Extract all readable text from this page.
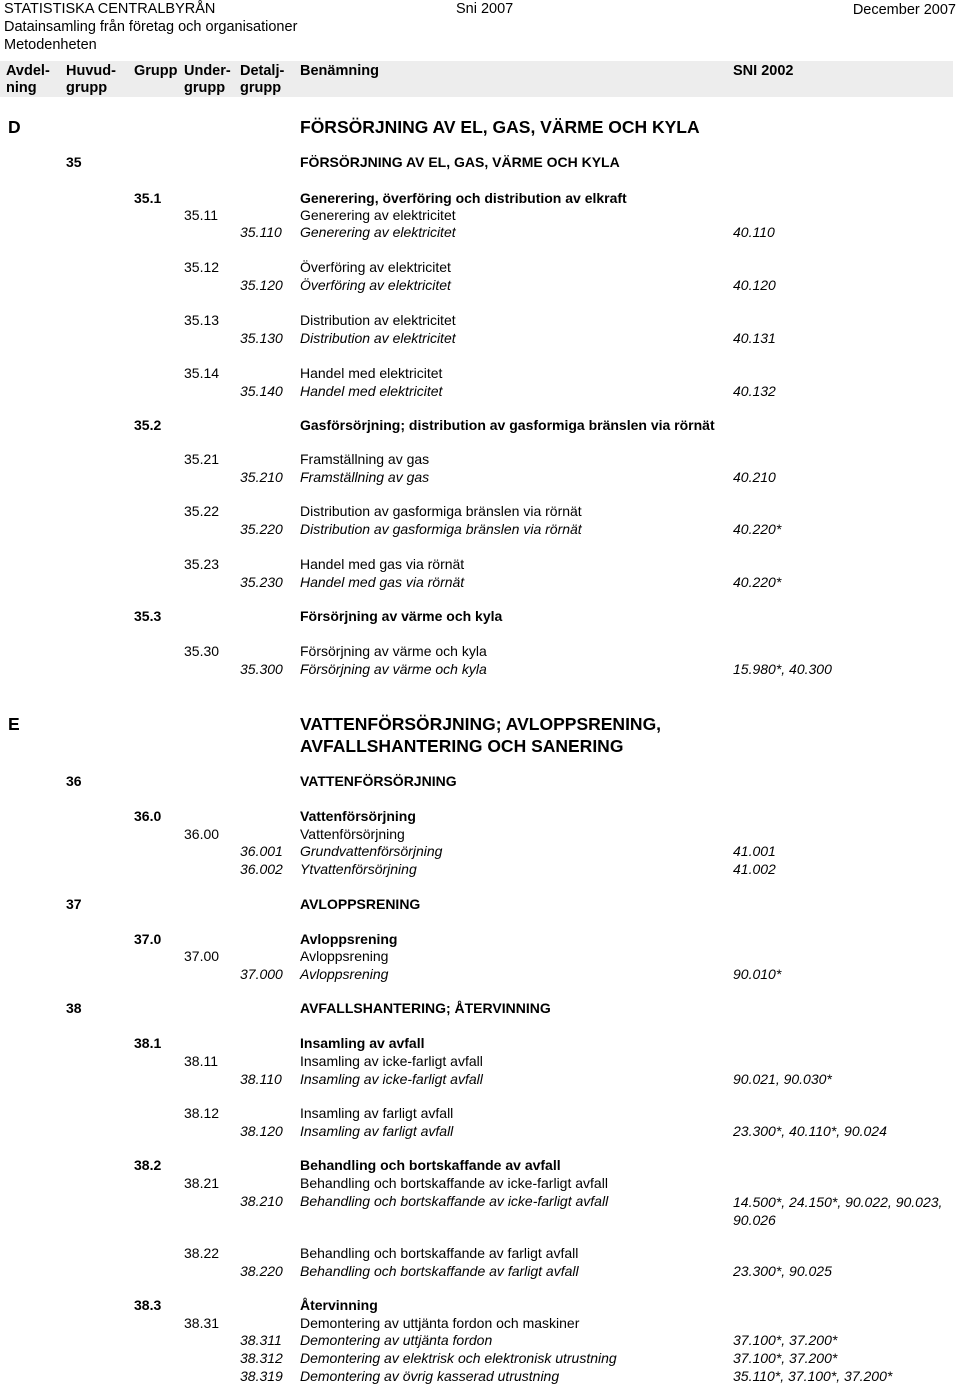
STATISTISKA CENTRALBYRÅN
Datainsamling från företag och organisationer
Metodenheten
Sni 2007	December 2007
Avdel-
ning
Huvud-
grupp
Grupp Under-
grupp
Detalj-
grupp
Benämning	SNI 2002
D	FÖRSÖRJNING AV EL, GAS, VÄRME OCH KYLA
35	FÖRSÖRJNING AV EL, GAS, VÄRME OCH KYLA
35.1	Generering, överföring och distribution av elkraft
35.11	Generering av elektricitet
35.110 Generering av elektricitet	40.110
35.12	Överföring av elektricitet
35.120 Överföring av elektricitet	40.120
35.13	Distribution av elektricitet
35.130 Distribution av elektricitet	40.131
35.14	Handel med elektricitet
35.140 Handel med elektricitet	40.132
35.2	Gasförsörjning; distribution av gasformiga bränslen via rörnät
35.21	Framställning av gas
35.210 Framställning av gas	40.210
35.22	Distribution av gasformiga bränslen via rörnät
35.220 Distribution av gasformiga bränslen via rörnät	40.220*
35.23	Handel med gas via rörnät
35.230 Handel med gas via rörnät	40.220*
35.3	Försörjning av värme och kyla
35.30	Försörjning av värme och kyla
35.300 Försörjning av värme och kyla	15.980*, 40.300
E	VATTENFÖRSÖRJNING; AVLOPPSRENING,
AVFALLSHANTERING OCH SANERING
36	VATTENFÖRSÖRJNING
36.0	Vattenförsörjning
36.00	Vattenförsörjning
36.001 Grundvattenförsörjning	41.001
36.002 Ytvattenförsörjning	41.002
37	AVLOPPSRENING
37.0	Avloppsrening
37.00	Avloppsrening
37.000 Avloppsrening	90.010*
38	AVFALLSHANTERING; ÅTERVINNING
38.1	Insamling av avfall
38.11	Insamling av icke-farligt avfall
38.110 Insamling av icke-farligt avfall	90.021, 90.030*
38.12	Insamling av farligt avfall
38.120 Insamling av farligt avfall	23.300*, 40.110*, 90.024
38.2	Behandling och bortskaffande av avfall
38.21	Behandling och bortskaffande av icke-farligt avfall
38.210 Behandling och bortskaffande av icke-farligt avfall	14.500*, 24.150*, 90.022, 90.023, 90.026
38.22	Behandling och bortskaffande av farligt avfall
38.220 Behandling och bortskaffande av farligt avfall	23.300*, 90.025
38.3	Återvinning
38.31	Demontering av uttjänta fordon och maskiner
38.311 Demontering av uttjänta fordon	37.100*, 37.200*
38.312 Demontering av elektrisk och elektronisk utrustning	37.100*, 37.200*
38.319 Demontering av övrig kasserad utrustning	35.110*, 37.100*, 37.200*
